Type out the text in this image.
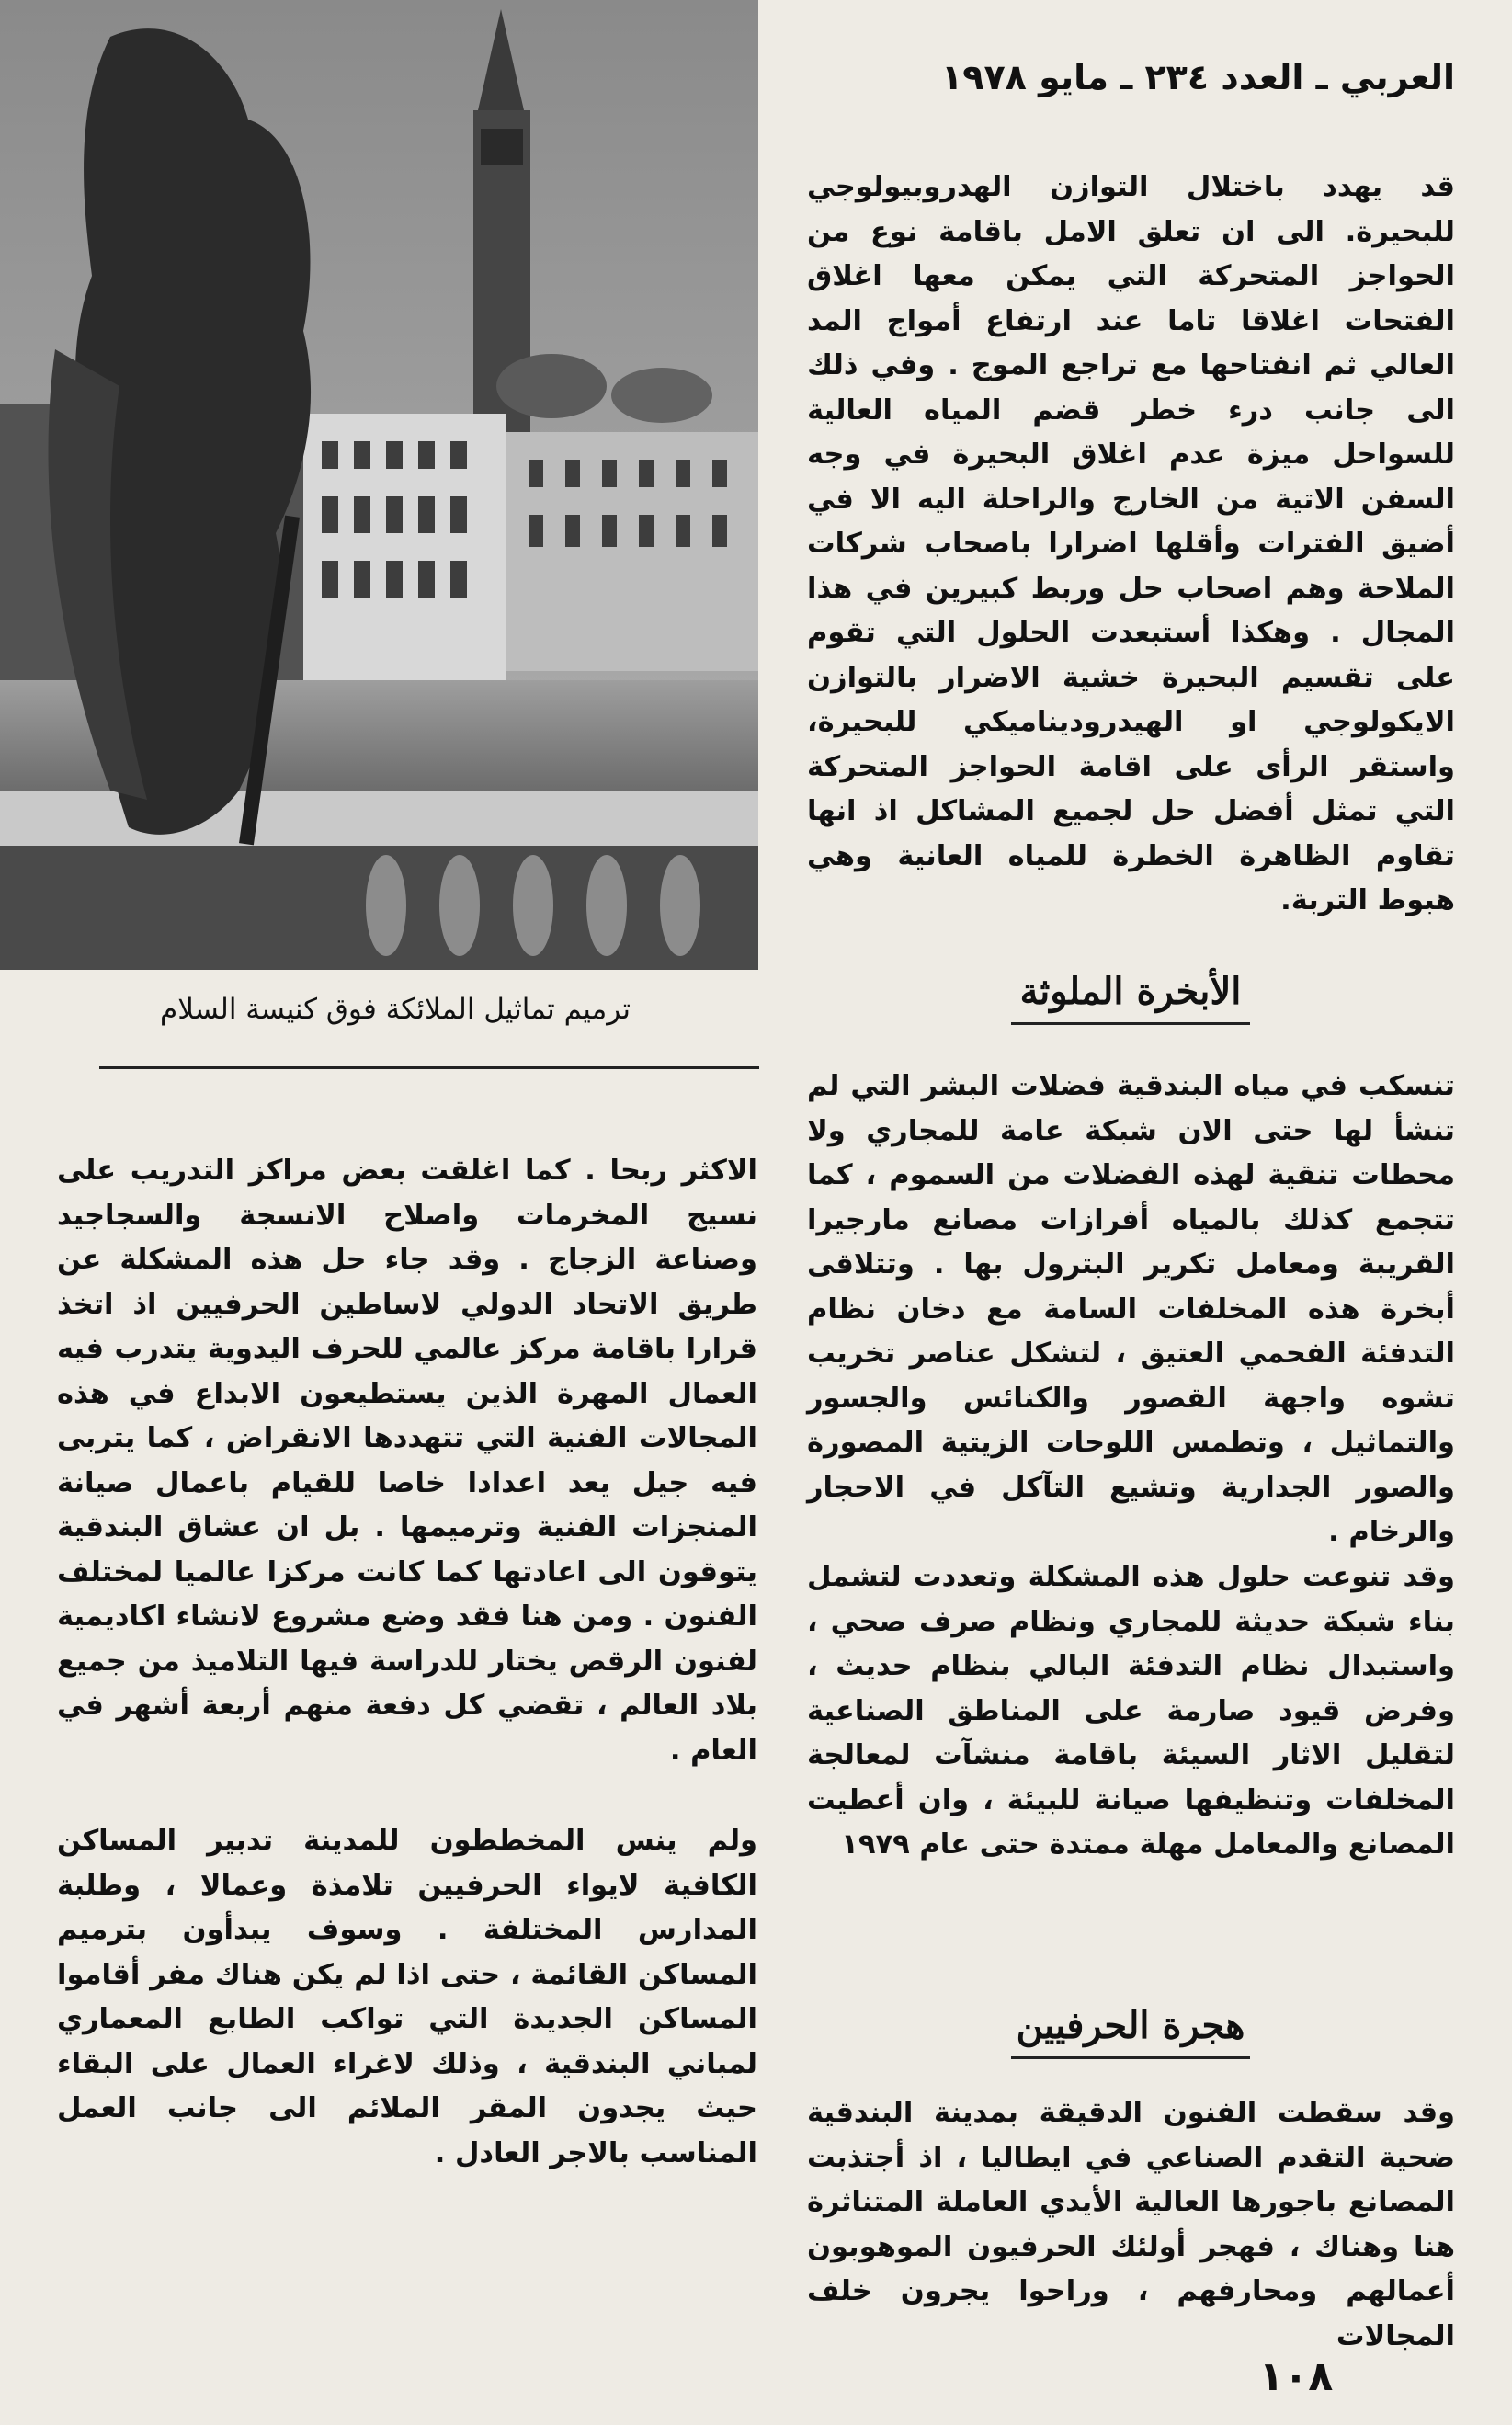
العربي ـ العدد ٢٣٤ ـ مايو ١٩٧٨
ترميم تماثيل الملائكة فوق كنيسة السلام

قد يهدد باختلال التوازن الهدروبيولوجي للبحيرة. الى ان تعلق الامل باقامة نوع من الحواجز المتحركة التي يمكن معها اغلاق الفتحات اغلاقا تاما عند ارتفاع أمواج المد العالي ثم انفتاحها مع تراجع الموج . وفي ذلك الى جانب درء خطر قضم المياه العالية للسواحل ميزة عدم اغلاق البحيرة في وجه السفن الاتية من الخارج والراحلة اليه الا في أضيق الفترات وأقلها اضرارا باصحاب شركات الملاحة وهم اصحاب حل وربط كبيرين في هذا المجال . وهكذا أستبعدت الحلول التي تقوم على تقسيم البحيرة خشية الاضرار بالتوازن الايكولوجي او الهيدروديناميكي للبحيرة، واستقر الرأى على اقامة الحواجز المتحركة التي تمثل أفضل حل لجميع المشاكل اذ انها تقاوم الظاهرة الخطرة للمياه العانية وهي هبوط التربة.

الأبخرة الملوثة

تنسكب في مياه البندقية فضلات البشر التي لم تنشأ لها حتى الان شبكة عامة للمجاري ولا محطات تنقية لهذه الفضلات من السموم ، كما تتجمع كذلك بالمياه أفرازات مصانع مارجيرا القريبة ومعامل تكرير البترول بها . وتتلاقى أبخرة هذه المخلفات السامة مع دخان نظام التدفئة الفحمي العتيق ، لتشكل عناصر تخريب تشوه واجهة القصور والكنائس والجسور والتماثيل ، وتطمس اللوحات الزيتية المصورة والصور الجدارية وتشيع التآكل في الاحجار والرخام .

وقد تنوعت حلول هذه المشكلة وتعددت لتشمل بناء شبكة حديثة للمجاري ونظام صرف صحي ، واستبدال نظام التدفئة البالي بنظام حديث ، وفرض قيود صارمة على المناطق الصناعية لتقليل الاثار السيئة باقامة منشآت لمعالجة المخلفات وتنظيفها صيانة للبيئة ، وان أعطيت المصانع والمعامل مهلة ممتدة حتى عام ١٩٧٩

هجرة الحرفيين

وقد سقطت الفنون الدقيقة بمدينة البندقية ضحية التقدم الصناعي في ايطاليا ، اذ أجتذبت المصانع باجورها العالية الأيدي العاملة المتناثرة هنا وهناك ، فهجر أولئك الحرفيون الموهوبون أعمالهم ومحارفهم ، وراحوا يجرون خلف المجالات

الاكثر ربحا . كما اغلقت بعض مراكز التدريب على نسيج المخرمات واصلاح الانسجة والسجاجيد وصناعة الزجاج . وقد جاء حل هذه المشكلة عن طريق الاتحاد الدولي لاساطين الحرفيين اذ اتخذ قرارا باقامة مركز عالمي للحرف اليدوية يتدرب فيه العمال المهرة الذين يستطيعون الابداع في هذه المجالات الفنية التي تتهددها الانقراض ، كما يتربى فيه جيل يعد اعدادا خاصا للقيام باعمال صيانة المنجزات الفنية وترميمها . بل ان عشاق البندقية يتوقون الى اعادتها كما كانت مركزا عالميا لمختلف الفنون . ومن هنا فقد وضع مشروع لانشاء اكاديمية لفنون الرقص يختار للدراسة فيها التلاميذ من جميع بلاد العالم ، تقضي كل دفعة منهم أربعة أشهر في العام .

ولم ينس المخططون للمدينة تدبير المساكن الكافية لايواء الحرفيين تلامذة وعمالا ، وطلبة المدارس المختلفة . وسوف يبدأون بترميم المساكن القائمة ، حتى اذا لم يكن هناك مفر أقاموا المساكن الجديدة التي تواكب الطابع المعماري لمباني البندقية ، وذلك لاغراء العمال على البقاء حيث يجدون المقر الملائم الى جانب العمل المناسب بالاجر العادل .

١٠٨
